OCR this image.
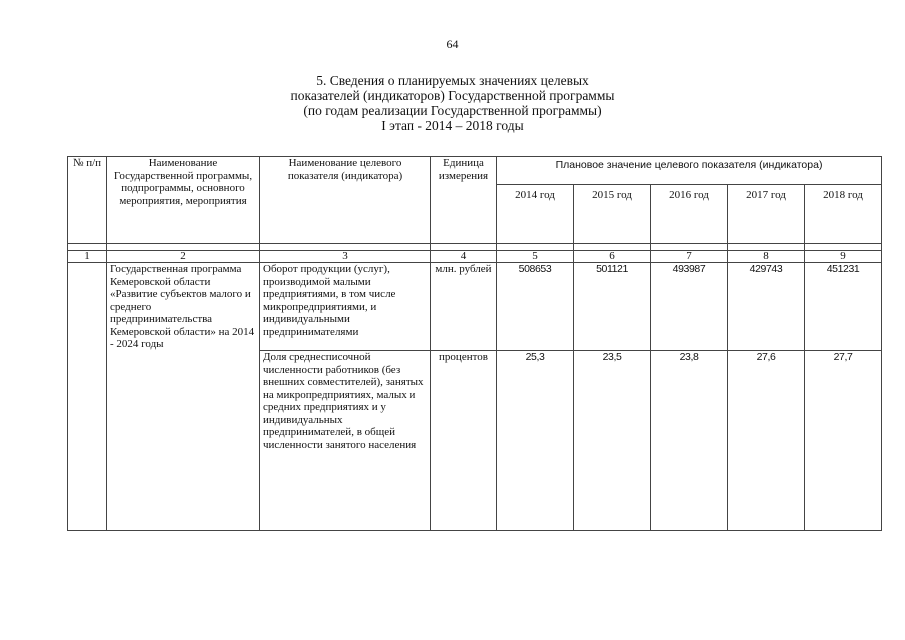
64
5. Сведения о планируемых значениях целевых
показателей (индикаторов) Государственной программы
(по годам реализации Государственной программы)
I этап - 2014 – 2018 годы
№ п/п	Наименование Государственной программы, подпрограммы, основного мероприятия, мероприятия	Наименование целевого показателя (индикатора)	Единица измерения	Плановое значение целевого показателя (индикатора)				
				2014 год	2015 год	2016 год	2017 год	2018 год

1	2	3	4	5	6	7	8	9
	Государственная программа Кемеровской области «Развитие субъектов малого и среднего предпринимательства Кемеровской области» на 2014 - 2024 годы	Оборот продукции (услуг), производимой малыми предприятиями, в том числе микропредприятиями, и индивидуальными предпринимателями	млн. рублей	508653	501121	493987	429743	451231
		Доля среднесписочной численности работников (без внешних совместителей), занятых на микропредприятиях, малых и средних предприятиях и у индивидуальных предпринимателей, в общей численности занятого населения	процентов	25,3	23,5	23,8	27,6	27,7
